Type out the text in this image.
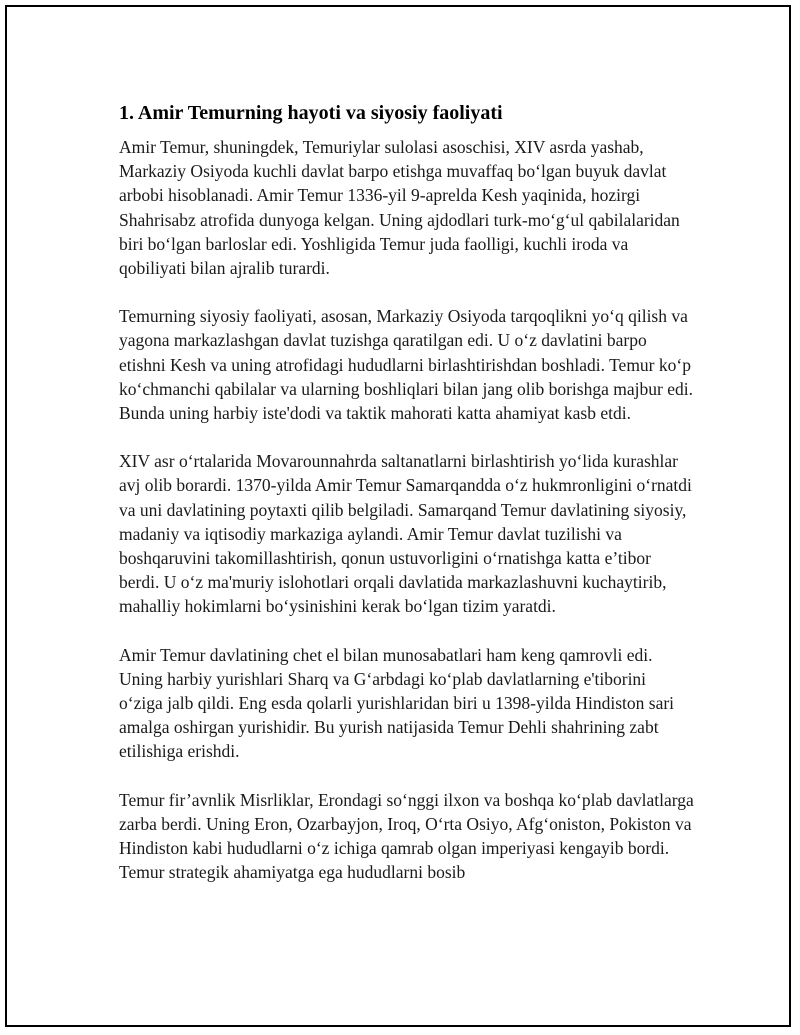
1. Amir Temurning hayoti va siyosiy faoliyati

Amir Temur, shuningdek, Temuriylar sulolasi asoschisi, XIV asrda yashab, Markaziy Osiyoda kuchli davlat barpo etishga muvaffaq bo‘lgan buyuk davlat arbobi hisoblanadi. Amir Temur 1336-yil 9-aprelda Kesh yaqinida, hozirgi Shahrisabz atrofida dunyoga kelgan. Uning ajdodlari turk-mo‘g‘ul qabilalaridan biri bo‘lgan barloslar edi. Yoshligida Temur juda faolligi, kuchli iroda va qobiliyati bilan ajralib turardi.

Temurning siyosiy faoliyati, asosan, Markaziy Osiyoda tarqoqlikni yo‘q qilish va yagona markazlashgan davlat tuzishga qaratilgan edi. U o‘z davlatini barpo etishni Kesh va uning atrofidagi hududlarni birlashtirishdan boshladi. Temur ko‘p ko‘chmanchi qabilalar va ularning boshliqlari bilan jang olib borishga majbur edi. Bunda uning harbiy iste'dodi va taktik mahorati katta ahamiyat kasb etdi.

XIV asr o‘rtalarida Movarounnahrda saltanatlarni birlashtirish yo‘lida kurashlar avj olib borardi. 1370-yilda Amir Temur Samarqandda o‘z hukmronligini o‘rnatdi va uni davlatining poytaxti qilib belgiladi. Samarqand Temur davlatining siyosiy, madaniy va iqtisodiy markaziga aylandi. Amir Temur davlat tuzilishi va boshqaruvini takomillashtirish, qonun ustuvorligini o‘rnatishga katta e’tibor berdi. U o‘z ma'muriy islohotlari orqali davlatida markazlashuvni kuchaytirib, mahalliy hokimlarni bo‘ysinishini kerak bo‘lgan tizim yaratdi.

Amir Temur davlatining chet el bilan munosabatlari ham keng qamrovli edi. Uning harbiy yurishlari Sharq va G‘arbdagi ko‘plab davlatlarning e'tiborini o‘ziga jalb qildi. Eng esda qolarli yurishlaridan biri u 1398-yilda Hindiston sari amalga oshirgan yurishidir. Bu yurish natijasida Temur Dehli shahrining zabt etilishiga erishdi.

Temur fir’avnlik Misrliklar, Erondagi so‘nggi ilxon va boshqa ko‘plab davlatlarga zarba berdi. Uning Eron, Ozarbayjon, Iroq, O‘rta Osiyo, Afg‘oniston, Pokiston va Hindiston kabi hududlarni o‘z ichiga qamrab olgan imperiyasi kengayib bordi. Temur strategik ahamiyatga ega hududlarni bosib
